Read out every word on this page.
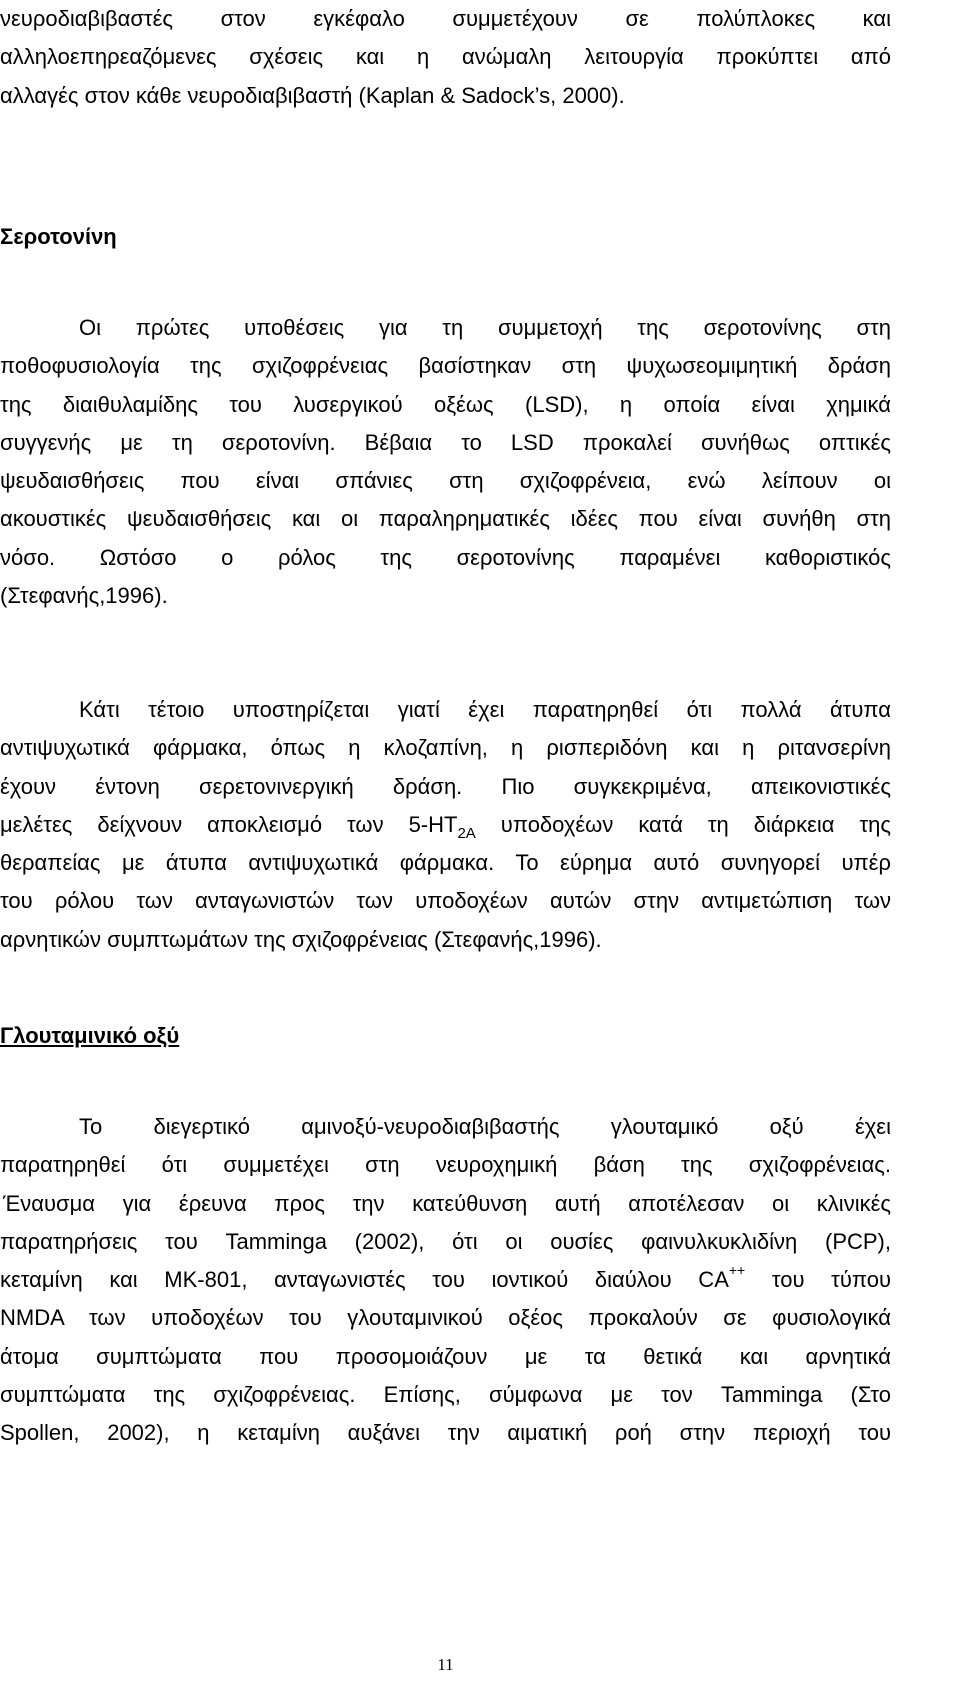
νευροδιαβιβαστές στον εγκέφαλο συμμετέχουν σε πολύπλοκες και
αλληλοεπηρεαζόμενες σχέσεις και η ανώμαλη λειτουργία προκύπτει από
αλλαγές στον κάθε νευροδιαβιβαστή (Kaplan & Sadock’s, 2000).
Σεροτονίνη
Οι πρώτες υποθέσεις για τη συμμετοχή της σεροτονίνης στη
ποθοφυσιολογία της σχιζοφρένειας βασίστηκαν στη ψυχωσεομιμητική δράση
της διαιθυλαμίδης του λυσεργικού οξέως (LSD), η οποία είναι χημικά
συγγενής με τη σεροτονίνη. Βέβαια το LSD προκαλεί συνήθως οπτικές
ψευδαισθήσεις που είναι σπάνιες στη σχιζοφρένεια, ενώ λείπουν οι
ακουστικές ψευδαισθήσεις και οι παραληρηματικές ιδέες που είναι συνήθη στη
νόσο. Ωστόσο ο ρόλος της σεροτονίνης παραμένει καθοριστικός
(Στεφανής,1996).
Κάτι τέτοιο υποστηρίζεται γιατί έχει παρατηρηθεί ότι πολλά άτυπα
αντιψυχωτικά φάρμακα, όπως η κλοζαπίνη, η ρισπεριδόνη και η ριτανσερίνη
έχουν έντονη σερετονινεργική δράση. Πιο συγκεκριμένα, απεικονιστικές
μελέτες δείχνουν αποκλεισμό των $5-HT_{2A}$ υποδοχέων κατά τη διάρκεια της
θεραπείας με άτυπα αντιψυχωτικά φάρμακα. Το εύρημα αυτό συνηγορεί υπέρ
του ρόλου των ανταγωνιστών των υποδοχέων αυτών στην αντιμετώπιση των
αρνητικών συμπτωμάτων της σχιζοφρένειας (Στεφανής,1996).
Γλουταμινικό οξύ
Το διεγερτικό αμινοξύ-νευροδιαβιβαστής γλουταμικό οξύ έχει
παρατηρηθεί ότι συμμετέχει στη νευροχημική βάση της σχιζοφρένειας.
Έναυσμα για έρευνα προς την κατεύθυνση αυτή αποτέλεσαν οι κλινικές
παρατηρήσεις του Tamminga (2002), ότι οι ουσίες φαινυλκυκλιδίνη (PCP),
κεταμίνη και MK-801, ανταγωνιστές του ιοντικού διαύλου CA++ του τύπου
NMDA των υποδοχέων του γλουταμινικού οξέος προκαλούν σε φυσιολογικά
άτομα συμπτώματα που προσομοιάζουν με τα θετικά και αρνητικά
συμπτώματα της σχιζοφρένειας. Επίσης, σύμφωνα με τον Tamminga (Στο
Spollen, 2002), η κεταμίνη αυξάνει την αιματική ροή στην περιοχή του
11
